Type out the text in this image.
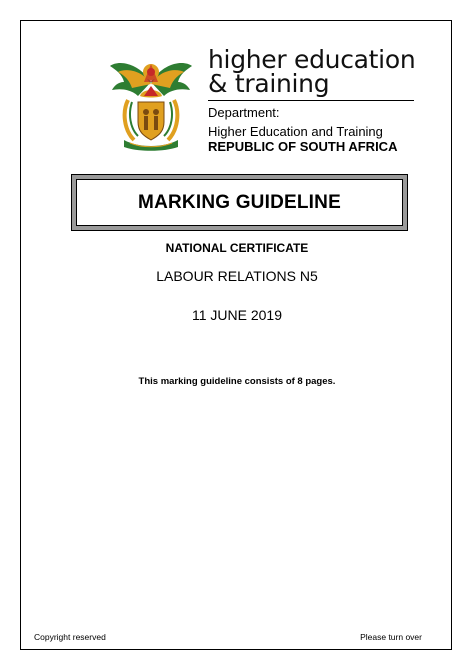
higher education
& training
Department:
Higher Education and Training
REPUBLIC OF SOUTH AFRICA
MARKING GUIDELINE
NATIONAL CERTIFICATE
LABOUR RELATIONS N5
11 JUNE 2019
This marking guideline consists of 8 pages.
Copyright reserved	Please turn over
